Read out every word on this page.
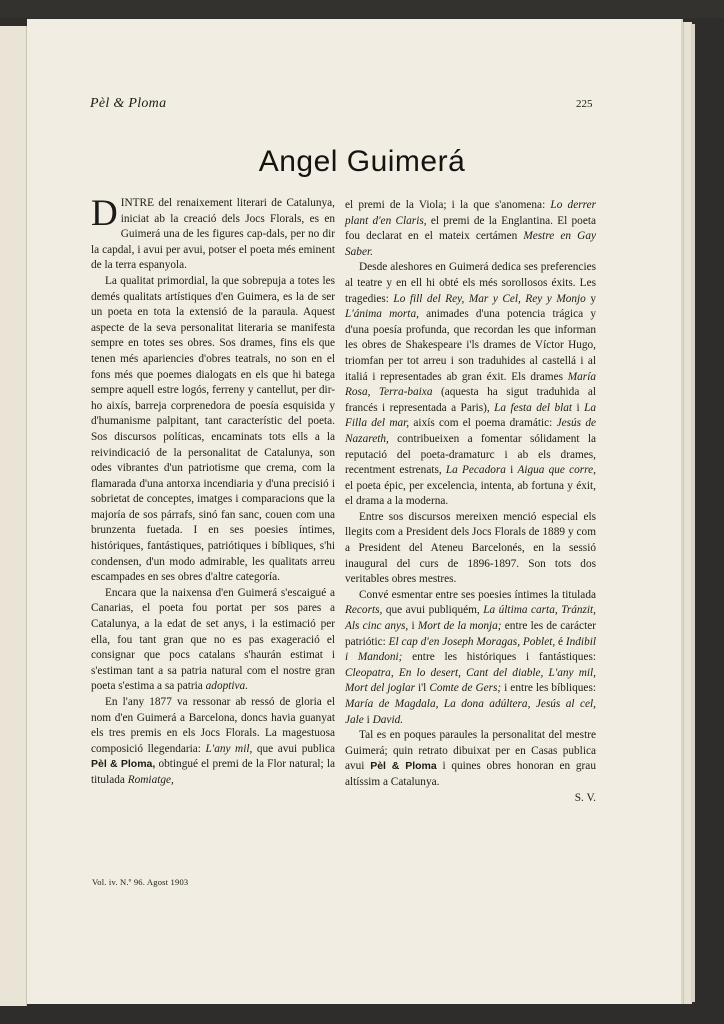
Pèl & Ploma	225
Angel Guimerá

DINTRE del renaixement literari de Catalunya, iniciat ab la creació dels Jocs Florals, es en Guimerá una de les figures cap-dals, per no dir la capdal, i avui per avui, potser el poeta més eminent de la terra espanyola.

La qualitat primordial, la que sobrepuja a totes les demés qualitats artístiques d'en Guimera, es la de ser un poeta en tota la extensió de la paraula. Aquest aspecte de la seva personalitat literaria se manifesta sempre en totes ses obres. Sos drames, fins els que tenen més apariencies d'obres teatrals, no son en el fons més que poemes dialogats en els que hi batega sempre aquell estre logós, ferreny y cantellut, per dir-ho aixís, barreja corprenedora de poesía esquisida y d'humanisme palpitant, tant característic del poeta. Sos discursos políticas, encaminats tots ells a la reivindicació de la personalitat de Catalunya, son odes vibrantes d'un patriotisme que crema, com la flamarada d'una antorxa incendiaria y d'una precisió i sobrietat de conceptes, imatges i comparacions que la majoría de sos párrafs, sinó fan sanc, couen com una brunzenta fuetada. I en ses poesies íntimes, históriques, fantástiques, patriótiques i bíbliques, s'hi condensen, d'un modo admirable, les qualitats arreu escampades en ses obres d'altre categoría.

Encara que la naixensa d'en Guimerá s'escaigué a Canarias, el poeta fou portat per sos pares a Catalunya, a la edat de set anys, i la estimació per ella, fou tant gran que no es pas exageració el consignar que pocs catalans s'haurán estimat i s'estiman tant a sa patria natural com el nostre gran poeta s'estima a sa patria adoptiva.

En l'any 1877 va ressonar ab ressó de gloria el nom d'en Guimerá a Barcelona, doncs havia guanyat els tres premis en els Jocs Florals. La magestuosa composició llegendaria: L'any mil, que avui publica Pèl & Ploma, obtingué el premi de la Flor natural; la titulada Romiatge,

el premi de la Viola; i la que s'anomena: Lo derrer plant d'en Claris, el premi de la Englantina. El poeta fou declarat en el mateix certámen Mestre en Gay Saber.

Desde aleshores en Guimerá dedica ses preferencies al teatre y en ell hi obté els més sorollosos éxits. Les tragedies: Lo fill del Rey, Mar y Cel, Rey y Monjo y L'ánima morta, animades d'una potencia trágica y d'una poesía profunda, que recordan les que informan les obres de Shakespeare i'ls drames de Víctor Hugo, triomfan per tot arreu i son traduhides al castellá i al italiá i representades ab gran éxit. Els drames María Rosa, Terra-baixa (aquesta ha sigut traduhida al francés i representada a Paris), La festa del blat i La Filla del mar, aixís com el poema dramátic: Jesús de Nazareth, contribueixen a fomentar sólidament la reputació del poeta-dramaturc i ab els drames, recentment estrenats, La Pecadora i Aigua que corre, el poeta épic, per excelencia, intenta, ab fortuna y éxit, el drama a la moderna.

Entre sos discursos mereixen menció especial els llegits com a President dels Jocs Florals de 1889 y com a President del Ateneu Barcelonés, en la sessió inaugural del curs de 1896-1897. Son tots dos veritables obres mestres.

Convé esmentar entre ses poesies íntimes la titulada Recorts, que avui publiquém, La última carta, Tránzit, Als cinc anys, i Mort de la monja; entre les de carácter patriótic: El cap d'en Joseph Moragas, Poblet, é Indibil i Mandoni; entre les históriques i fantástiques: Cleopatra, En lo desert, Cant del diable, L'any mil, Mort del joglar i'l Comte de Gers; i entre les bíbliques: María de Magdala, La dona adúltera, Jesús al cel, Jale i David.

Tal es en poques paraules la personalitat del mestre Guimerá; quin retrato dibuixat per en Casas publica avui Pèl & Ploma i quines obres honoran en grau altíssim a Catalunya.

S. V.

Vol. iv. N.º 96. Agost 1903
